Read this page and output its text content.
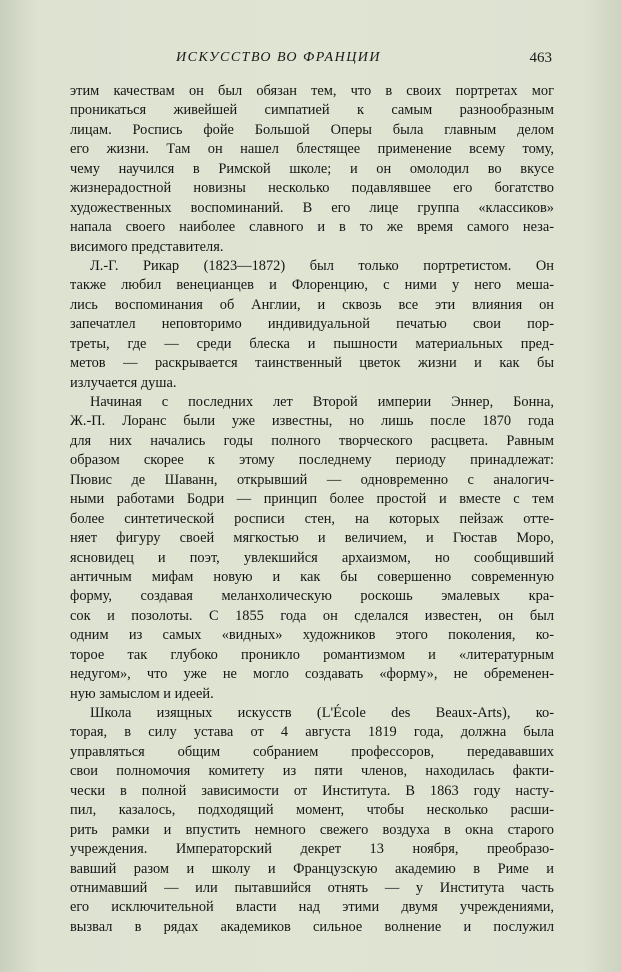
ИСКУССТВО ВО ФРАНЦИИ	463
этим качествам он был обязан тем, что в своих портретах мог
проникаться живейшей симпатией к самым разнообразным
лицам. Роспись фойе Большой Оперы была главным делом
его жизни. Там он нашел блестящее применение всему тому,
чему научился в Римской школе; и он омолодил во вкусе
жизнерадостной новизны несколько подавлявшее его богатство
художественных воспоминаний. В его лице группа «классиков»
напала своего наиболее славного и в то же время самого неза-
висимого представителя.
Л.-Г. Рикар (1823—1872) был только портретистом. Он
также любил венецианцев и Флоренцию, с ними у него меша-
лись воспоминания об Англии, и сквозь все эти влияния он
запечатлел неповторимо индивидуальной печатью свои пор-
треты, где — среди блеска и пышности материальных пред-
метов — раскрывается таинственный цветок жизни и как бы
излучается душа.
Начиная с последних лет Второй империи Эннер, Бонна,
Ж.-П. Лоранс были уже известны, но лишь после 1870 года
для них начались годы полного творческого расцвета. Равным
образом скорее к этому последнему периоду принадлежат:
Пювис де Шаванн, открывший — одновременно с аналогич-
ными работами Бодри — принцип более простой и вместе с тем
более синтетической росписи стен, на которых пейзаж отте-
няет фигуру своей мягкостью и величием, и Гюстав Моро,
ясновидец и поэт, увлекшийся архаизмом, но сообщивший
античным мифам новую и как бы совершенно современную
форму, создавая меланхолическую роскошь эмалевых кра-
сок и позолоты. С 1855 года он сделался известен, он был
одним из самых «видных» художников этого поколения, ко-
торое так глубоко проникло романтизмом и «литературным
недугом», что уже не могло создавать «форму», не обременен-
ную замыслом и идеей.
Школа изящных искусств (L'École des Beaux-Arts), ко-
торая, в силу устава от 4 августа 1819 года, должна была
управляться общим собранием профессоров, передававших
свои полномочия комитету из пяти членов, находилась факти-
чески в полной зависимости от Института. В 1863 году насту-
пил, казалось, подходящий момент, чтобы несколько расши-
рить рамки и впустить немного свежего воздуха в окна старого
учреждения. Императорский декрет 13 ноября, преобразо-
вавший разом и школу и Французскую академию в Риме и
отнимавший — или пытавшийся отнять — у Института часть
его исключительной власти над этими двумя учреждениями,
вызвал в рядах академиков сильное волнение и послужил
